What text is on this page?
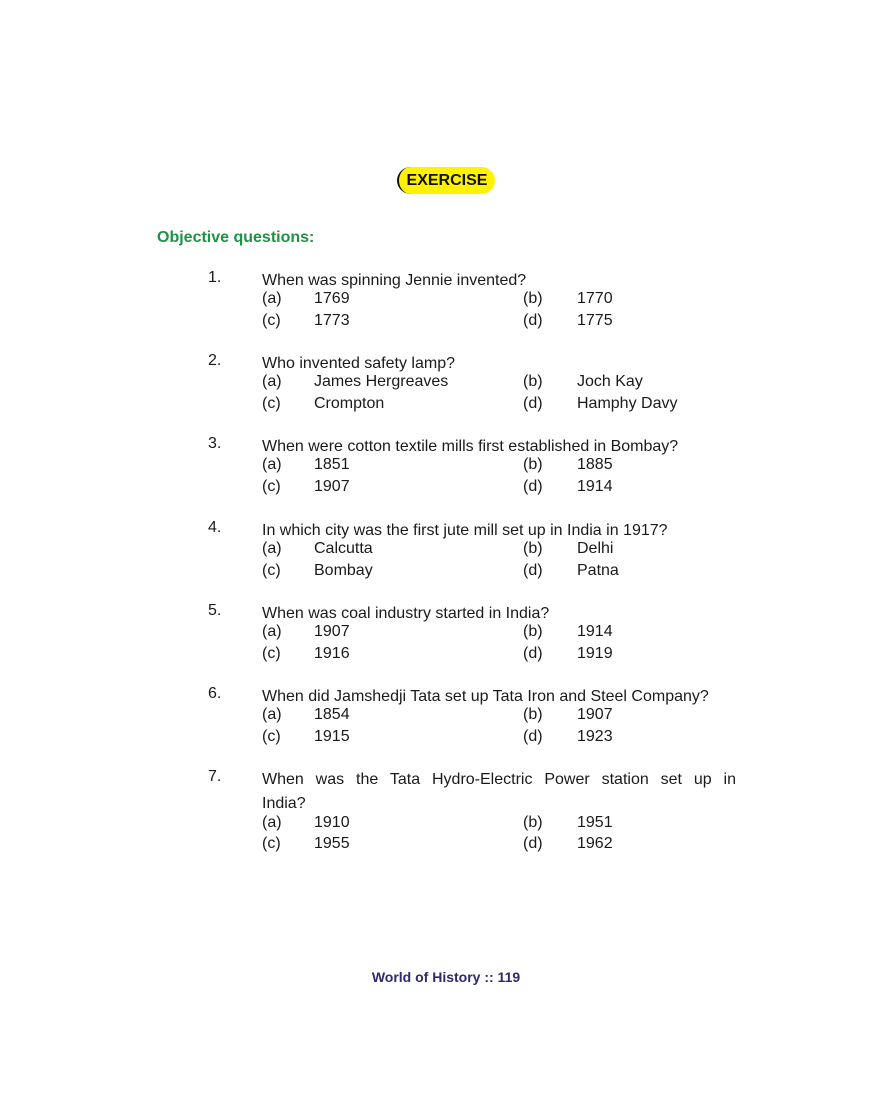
EXERCISE
Objective questions:
1.	When was spinning Jennie invented?
(a) 1769	(b) 1770
(c) 1773	(d) 1775
2.	Who invented safety lamp?
(a) James Hergreaves	(b) Joch Kay
(c) Crompton	(d) Hamphy Davy
3.	When were cotton textile mills first established in Bombay?
(a) 1851	(b) 1885
(c) 1907	(d) 1914
4.	In which city was the first jute mill set up in India in 1917?
(a) Calcutta	(b) Delhi
(c) Bombay	(d) Patna
5.	When was coal industry started in India?
(a) 1907	(b) 1914
(c) 1916	(d) 1919
6.	When did Jamshedji Tata set up Tata Iron and Steel Company?
(a) 1854	(b) 1907
(c) 1915	(d) 1923
7.	When was the Tata Hydro-Electric Power station set up in India?
(a) 1910	(b) 1951
(c) 1955	(d) 1962
World of History :: 119
